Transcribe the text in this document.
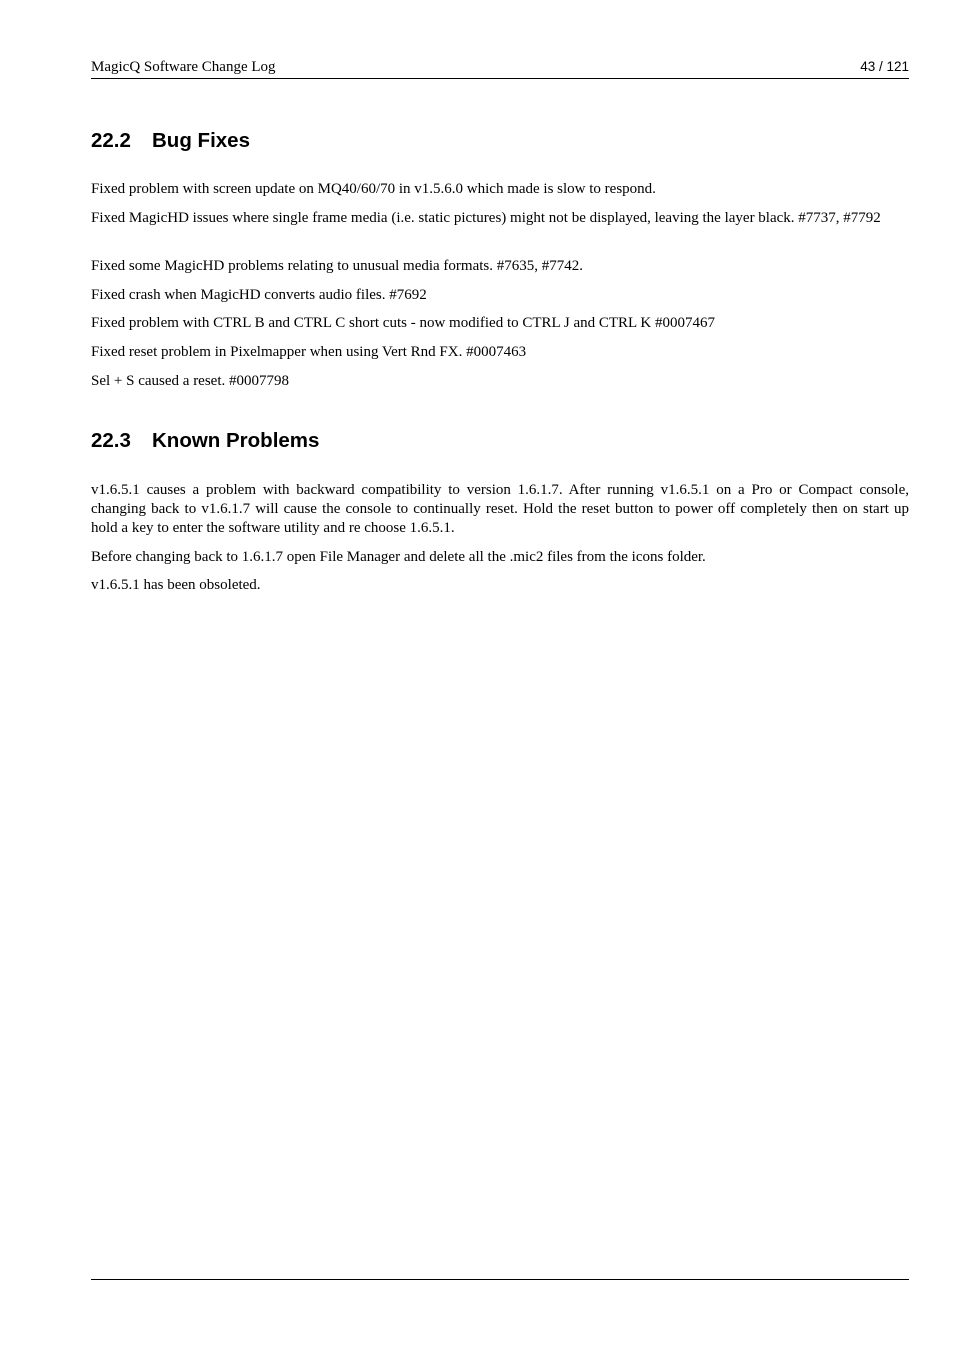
MagicQ Software Change Log	43 / 121
22.2 Bug Fixes

Fixed problem with screen update on MQ40/60/70 in v1.5.6.0 which made is slow to respond.

Fixed MagicHD issues where single frame media (i.e. static pictures) might not be displayed, leaving the layer black. #7737, #7792

Fixed some MagicHD problems relating to unusual media formats. #7635, #7742.

Fixed crash when MagicHD converts audio files. #7692

Fixed problem with CTRL B and CTRL C short cuts - now modified to CTRL J and CTRL K #0007467

Fixed reset problem in Pixelmapper when using Vert Rnd FX. #0007463

Sel + S caused a reset. #0007798

22.3 Known Problems

v1.6.5.1 causes a problem with backward compatibility to version 1.6.1.7. After running v1.6.5.1 on a Pro or Compact console, changing back to v1.6.1.7 will cause the console to continually reset. Hold the reset button to power off completely then on start up hold a key to enter the software utility and re choose 1.6.5.1.

Before changing back to 1.6.1.7 open File Manager and delete all the .mic2 files from the icons folder.

v1.6.5.1 has been obsoleted.
